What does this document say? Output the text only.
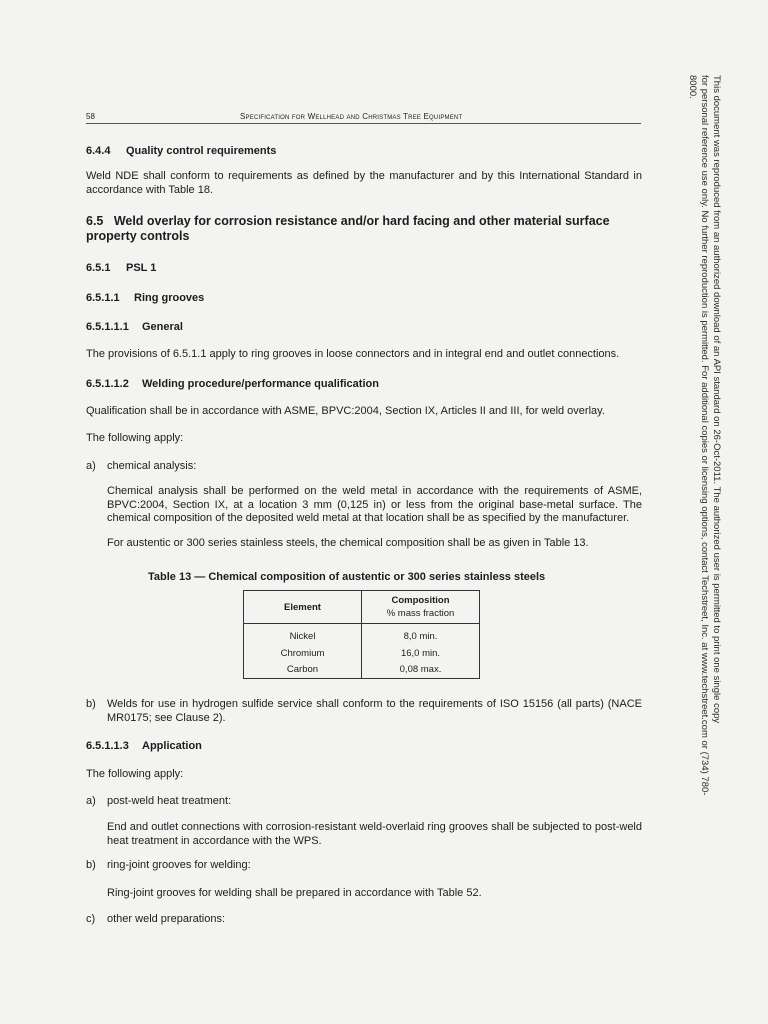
58	Specification for Wellhead and Christmas Tree Equipment
6.4.4 Quality control requirements
Weld NDE shall conform to requirements as defined by the manufacturer and by this International Standard in accordance with Table 18.
6.5 Weld overlay for corrosion resistance and/or hard facing and other material surface property controls
6.5.1 PSL 1
6.5.1.1 Ring grooves
6.5.1.1.1 General
The provisions of 6.5.1.1 apply to ring grooves in loose connectors and in integral end and outlet connections.
6.5.1.1.2 Welding procedure/performance qualification
Qualification shall be in accordance with ASME, BPVC:2004, Section IX, Articles II and III, for weld overlay.
The following apply:
a) chemical analysis:
Chemical analysis shall be performed on the weld metal in accordance with the requirements of ASME, BPVC:2004, Section IX, at a location 3 mm (0,125 in) or less from the original base-metal surface. The chemical composition of the deposited weld metal at that location shall be as specified by the manufacturer.
For austentic or 300 series stainless steels, the chemical composition shall be as given in Table 13.
Table 13 — Chemical composition of austentic or 300 series stainless steels
Element	Composition
% mass fraction

Nickel	8,0 min.
Chromium	16,0 min.
Carbon	0,08 max.
b)	Welds for use in hydrogen sulfide service shall conform to the requirements of ISO 15156 (all parts) (NACE MR0175; see Clause 2).
6.5.1.1.3 Application
The following apply:
a) post-weld heat treatment:
End and outlet connections with corrosion-resistant weld-overlaid ring grooves shall be subjected to post-weld heat treatment in accordance with the WPS.
b) ring-joint grooves for welding:
Ring-joint grooves for welding shall be prepared in accordance with Table 52.
c) other weld preparations:
This document was reproduced from an authorized download of an API standard on 26-Oct-2011. The authorized user is permitted to print one single copy
for personal reference use only. No further reproduction is permitted. For additional copies or licensing options, contact Techstreet, Inc. at www.techstreet.com or (734) 780-8000.
